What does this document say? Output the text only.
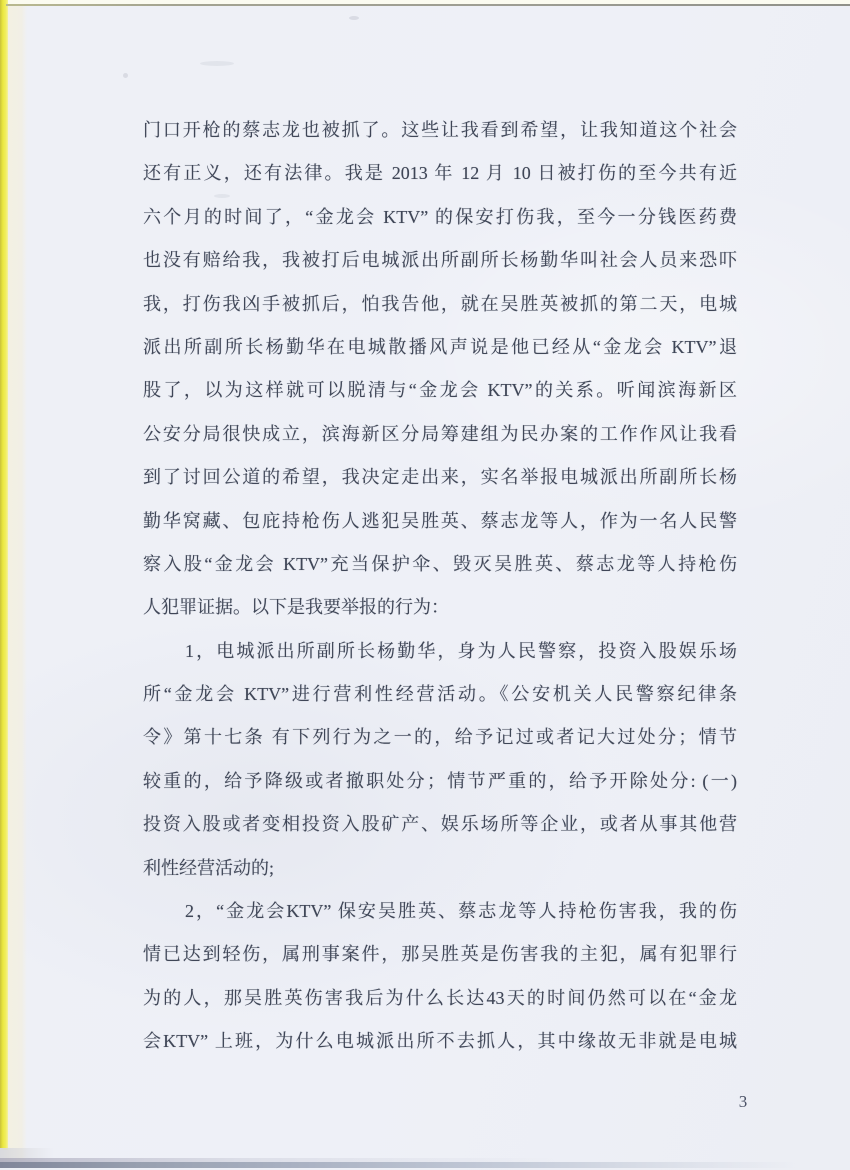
门口开枪的蔡志龙也被抓了。这些让我看到希望，让我知道这个社会
还有正义，还有法律。我是 2013 年 12 月 10 日被打伤的至今共有近
六个月的时间了，“金龙会 KTV” 的保安打伤我，至今一分钱医药费
也没有赔给我，我被打后电城派出所副所长杨勤华叫社会人员来恐吓
我，打伤我凶手被抓后，怕我告他，就在吴胜英被抓的第二天，电城
派出所副所长杨勤华在电城散播风声说是他已经从“金龙会 KTV”退
股了，以为这样就可以脱清与“金龙会 KTV”的关系。听闻滨海新区
公安分局很快成立，滨海新区分局筹建组为民办案的工作作风让我看
到了讨回公道的希望，我决定走出来，实名举报电城派出所副所长杨
勤华窝藏、包庇持枪伤人逃犯吴胜英、蔡志龙等人，作为一名人民警
察入股“金龙会 KTV”充当保护伞、毁灭吴胜英、蔡志龙等人持枪伤
人犯罪证据。以下是我要举报的行为：
1，电城派出所副所长杨勤华，身为人民警察，投资入股娱乐场
所“金龙会 KTV”进行营利性经营活动。《公安机关人民警察纪律条
令》第十七条 有下列行为之一的，给予记过或者记大过处分；情节
较重的，给予降级或者撤职处分；情节严重的，给予开除处分: (一)
投资入股或者变相投资入股矿产、娱乐场所等企业，或者从事其他营
利性经营活动的;
2，“金龙会KTV” 保安吴胜英、蔡志龙等人持枪伤害我，我的伤
情已达到轻伤，属刑事案件，那吴胜英是伤害我的主犯，属有犯罪行
为的人，那吴胜英伤害我后为什么长达43天的时间仍然可以在“金龙
会KTV” 上班，为什么电城派出所不去抓人，其中缘故无非就是电城
3
